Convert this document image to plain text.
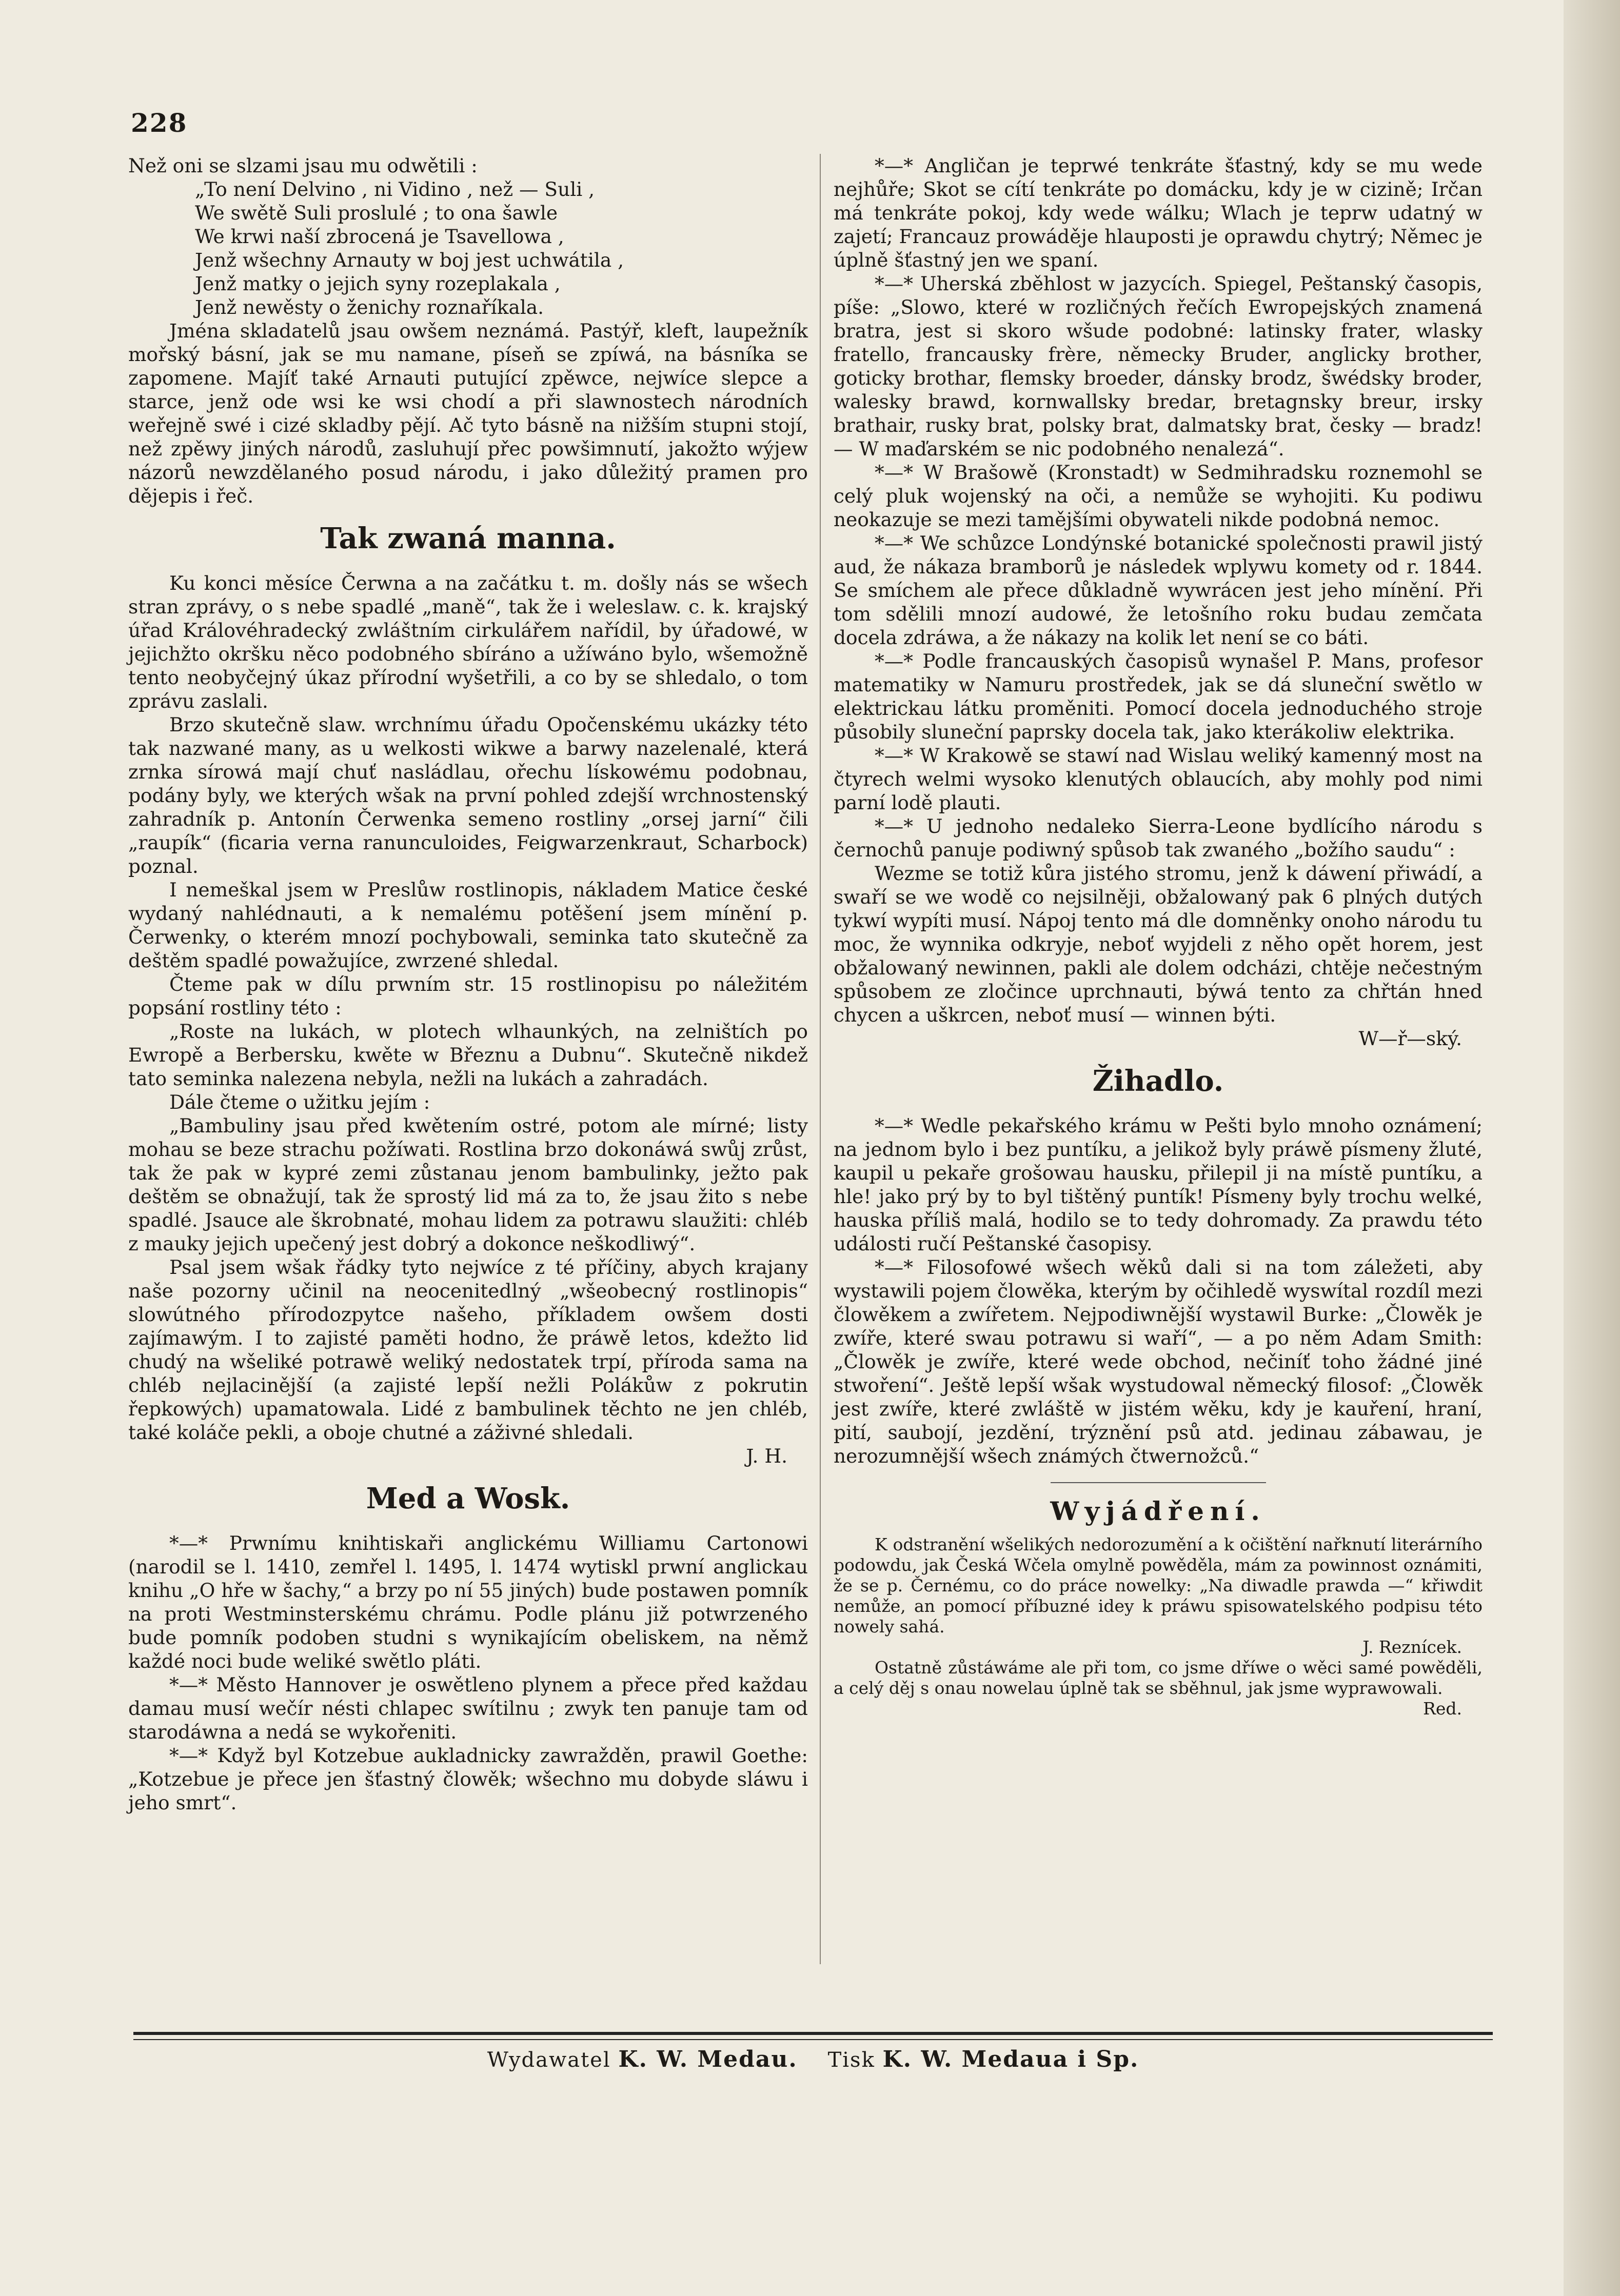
228

Než oni se slzami jsau mu odwětili :

„To není Delvino , ni Vidino , než — Suli ,

We swětě Suli proslulé ; to ona šawle

We krwi naší zbrocená je Tsavellowa ,

Jenž wšechny Arnauty w boj jest uchwátila ,

Jenž matky o jejich syny rozeplakala ,

Jenž newěsty o ženichy roznaříkala.

Jména skladatelů jsau owšem neznámá. Pastýř, kleft, laupežník mořský básní, jak se mu namane, píseň se zpíwá, na básníka se zapomene. Majíť také Arnauti putující zpěwce, nejwíce slepce a starce, jenž ode wsi ke wsi chodí a při slawnostech národních weřejně swé i cizé skladby pějí. Ač tyto básně na nižším stupni stojí, než zpěwy jiných národů, zasluhují přec powšimnutí, jakožto wýjew názorů newzdělaného posud národu, i jako důležitý pramen pro dějepis i řeč.

Tak zwaná manna.

Ku konci měsíce Čerwna a na začátku t. m. došly nás se wšech stran zprávy, o s nebe spadlé „maně“, tak že i weleslaw. c. k. krajský úřad Královéhradecký zwláštním cirkulářem nařídil, by úřadowé, w jejichžto okršku něco podobného sbíráno a užíwáno bylo, wšemožně tento neobyčejný úkaz přírodní wyšetřili, a co by se shledalo, o tom zprávu zaslali.

Brzo skutečně slaw. wrchnímu úřadu Opočenskému ukázky této tak nazwané many, as u welkosti wikwe a barwy nazelenalé, která zrnka sírowá mají chuť nasládlau, ořechu lískowému podobnau, podány byly, we kterých wšak na první pohled zdejší wrchnostenský zahradník p. Antonín Čerwenka semeno rostliny „orsej jarní“ čili „raupík“ (ficaria verna ranunculoides, Feigwarzenkraut, Scharbock) poznal.

I nemeškal jsem w Preslůw rostlinopis, nákladem Matice české wydaný nahlédnauti, a k nemalému potěšení jsem mínění p. Čerwenky, o kterém mnozí pochybowali, seminka tato skutečně za deštěm spadlé powažujíce, zwrzené shledal.

Čteme pak w dílu prwním str. 15 rostlinopisu po náležitém popsání rostliny této :

„Roste na lukách, w plotech wlhaunkých, na zelništích po Ewropě a Berbersku, kwěte w Březnu a Dubnu“. Skutečně nikdež tato seminka nalezena nebyla, nežli na lukách a zahradách.

Dále čteme o užitku jejím :

„Bambuliny jsau před kwětením ostré, potom ale mírné; listy mohau se beze strachu požíwati. Rostlina brzo dokonáwá swůj zrůst, tak že pak w kypré zemi zůstanau jenom bambulinky, ježto pak deštěm se obnažují, tak že sprostý lid má za to, že jsau žito s nebe spadlé. Jsauce ale škrobnaté, mohau lidem za potrawu slaužiti: chléb z mauky jejich upečený jest dobrý a dokonce neškodliwý“.

Psal jsem wšak řádky tyto nejwíce z té příčiny, abych krajany naše pozorny učinil na neocenitedlný „wšeobecný rostlinopis“ slowútného přírodozpytce našeho, příkladem owšem dosti zajímawým. I to zajisté paměti hodno, že práwě letos, kdežto lid chudý na wšeliké potrawě weliký nedostatek trpí, příroda sama na chléb nejlacinější (a zajisté lepší nežli Polákůw z pokrutin řepkowých) upamatowala. Lidé z bambulinek těchto ne jen chléb, také koláče pekli, a oboje chutné a záživné shledali.

J. H.

Med a Wosk.

*—* Prwnímu knihtiskaři anglickému Williamu Cartonowi (narodil se l. 1410, zemřel l. 1495, l. 1474 wytiskl prwní anglickau knihu „O hře w šachy,“ a brzy po ní 55 jiných) bude postawen pomník na proti Westminsterskému chrámu. Podle plánu již potwrzeného bude pomník podoben studni s wynikajícím obeliskem, na němž každé noci bude weliké swětlo pláti.

*—* Město Hannover je oswětleno plynem a přece před každau damau musí wečír nésti chlapec swítilnu ; zwyk ten panuje tam od starodáwna a nedá se wykořeniti.

*—* Když byl Kotzebue aukladnicky zawražděn, prawil Goethe: „Kotzebue je přece jen šťastný člowěk; wšechno mu dobyde sláwu i jeho smrt“.

*—* Angličan je teprwé tenkráte šťastný, kdy se mu wede nejhůře; Skot se cítí tenkráte po domácku, kdy je w cizině; Irčan má tenkráte pokoj, kdy wede wálku; Wlach je teprw udatný w zajetí; Francauz prowáděje hlauposti je oprawdu chytrý; Němec je úplně šťastný jen we spaní.

*—* Uherská zběhlost w jazycích. Spiegel, Peštanský časopis, píše: „Slowo, které w rozličných řečích Ewropejských znamená bratra, jest si skoro wšude podobné: latinsky frater, wlasky fratello, francausky frère, německy Bruder, anglicky brother, goticky brothar, flemsky broeder, dánsky brodz, šwédsky broder, walesky brawd, kornwallsky bredar, bretagnsky breur, irsky brathair, rusky brat, polsky brat, dalmatsky brat, česky — bradz! — W maďarském se nic podobného nenalezá“.

*—* W Brašowě (Kronstadt) w Sedmihradsku roznemohl se celý pluk wojenský na oči, a nemůže se wyhojiti. Ku podiwu neokazuje se mezi tamějšími obywateli nikde podobná nemoc.

*—* We schůzce Londýnské botanické společnosti prawil jistý aud, že nákaza bramborů je následek wplywu komety od r. 1844. Se smíchem ale přece důkladně wywrácen jest jeho mínění. Při tom sdělili mnozí audowé, že letošního roku budau zemčata docela zdráwa, a že nákazy na kolik let není se co báti.

*—* Podle francauských časopisů wynašel P. Mans, profesor matematiky w Namuru prostředek, jak se dá sluneční swětlo w elektrickau látku proměniti. Pomocí docela jednoduchého stroje působily sluneční paprsky docela tak, jako kterákoliw elektrika.

*—* W Krakowě se stawí nad Wislau weliký kamenný most na čtyrech welmi wysoko klenutých oblaucích, aby mohly pod nimi parní lodě plauti.

*—* U jednoho nedaleko Sierra-Leone bydlícího národu s černochů panuje podiwný spůsob tak zwaného „božího saudu“ :

Wezme se totiž kůra jistého stromu, jenž k dáwení přiwádí, a swaří se we wodě co nejsilněji, obžalowaný pak 6 plných dutých tykwí wypíti musí. Nápoj tento má dle domněnky onoho národu tu moc, že wynnika odkryje, neboť wyjdeli z něho opět horem, jest obžalowaný newinnen, pakli ale dolem odcházi, chtěje nečestným spůsobem ze zločince uprchnauti, býwá tento za chřtán hned chycen a uškrcen, neboť musí — winnen býti.

W—ř—ský.

Žihadlo.

*—* Wedle pekařského krámu w Pešti bylo mnoho oznámení; na jednom bylo i bez puntíku, a jelikož byly práwě písmeny žluté, kaupil u pekaře grošowau hausku, přilepil ji na místě puntíku, a hle! jako prý by to byl tištěný puntík! Písmeny byly trochu welké, hauska příliš malá, hodilo se to tedy dohromady. Za prawdu této události ručí Peštanské časopisy.

*—* Filosofowé wšech wěků dali si na tom záležeti, aby wystawili pojem člowěka, kterým by očihledě wyswítal rozdíl mezi člowěkem a zwířetem. Nejpodiwnější wystawil Burke: „Člowěk je zwíře, které swau potrawu si waří“, — a po něm Adam Smith: „Člowěk je zwíře, které wede obchod, nečiníť toho žádné jiné stwoření“. Ještě lepší wšak wystudowal německý filosof: „Člowěk jest zwíře, které zwláště w jistém wěku, kdy je kauření, hraní, pití, saubojí, jezdění, trýznění psů atd. jedinau zábawau, je nerozumnější wšech známých čtwernožců.“

Wyjádření.

K odstranění wšelikých nedorozumění a k očištění nařknutí literárního podowdu, jak Česká Wčela omylně powěděla, mám za powinnost oznámiti, že se p. Černému, co do práce nowelky: „Na diwadle prawda —“ křiwdit nemůže, an pomocí příbuzné idey k práwu spisowatelského podpisu této nowely sahá.

J. Reznícek.

Ostatně zůstáwáme ale při tom, co jsme dříwe o wěci samé powěděli, a celý děj s onau nowelau úplně tak se sběhnul, jak jsme wyprawowali.

Red.

Wydawatel K. W. Medau. Tisk K. W. Medaua i Sp.
